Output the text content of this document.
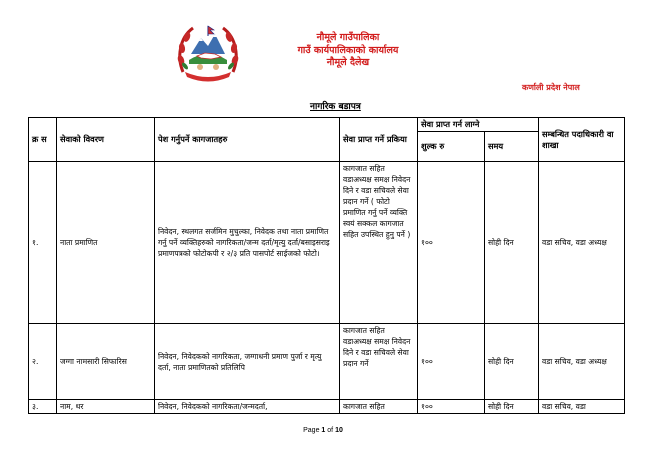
नौमूले गाउँपालिका
गाउँ कार्यपालिकाको कार्यालय
नौमूले दैलेख
कर्णाली प्रदेश नेपाल
नागरिक बडापत्र
क्र स	सेवाको विवरण	पेश गर्नुपर्ने कागजातहरु	सेवा प्राप्त गर्ने प्रकिया	सेवा प्राप्त गर्न लाग्ने		सम्बन्धित पदाधिकारी वा शाखा
				शुल्क रु	समय	
१.	नाता प्रमाणित	निवेदन, स्थलगत सर्जमिन मुचुल्का, निवेदक तथा नाता प्रमाणित गर्नु पर्ने व्यक्तिहरुको नागरिकता/जन्म दर्ता/मृत्यु दर्ता/बसाइसराइ प्रमाणपत्रको फोटोकपी र २/३ प्रति पासपोर्ट साईजको फोटो।	कागजात सहित वडाअध्यक्ष समक्ष निवेदन दिने र वडा सचिवले सेवा प्रदान गर्ने ( फोटो प्रमाणित गर्नु पर्ने व्यक्ति स्वयं सक्कल कागजात सहित उपस्थित हुनु पर्ने )	१००	सोही दिन	वडा सचिव, वडा अध्यक्ष
२.	जग्गा नामसारी सिफारिस	निवेदन, निवेदकको नागरिकता, जग्गाधनी प्रमाण पुर्जा र मृत्यु दर्ता, नाता प्रमाणितको प्रतिलिपि	कागजात सहित वडाअध्यक्ष समक्ष निवेदन दिने र वडा सचिवले सेवा प्रदान गर्ने	१००	सोही दिन	वडा सचिव, वडा अध्यक्ष
३.	नाम, थर	निवेदन, निवेदकको नागरिकता/जन्मदर्ता,	कागजात सहित	१००	सोही दिन	वडा सचिव, वडा
Page 1 of 10
